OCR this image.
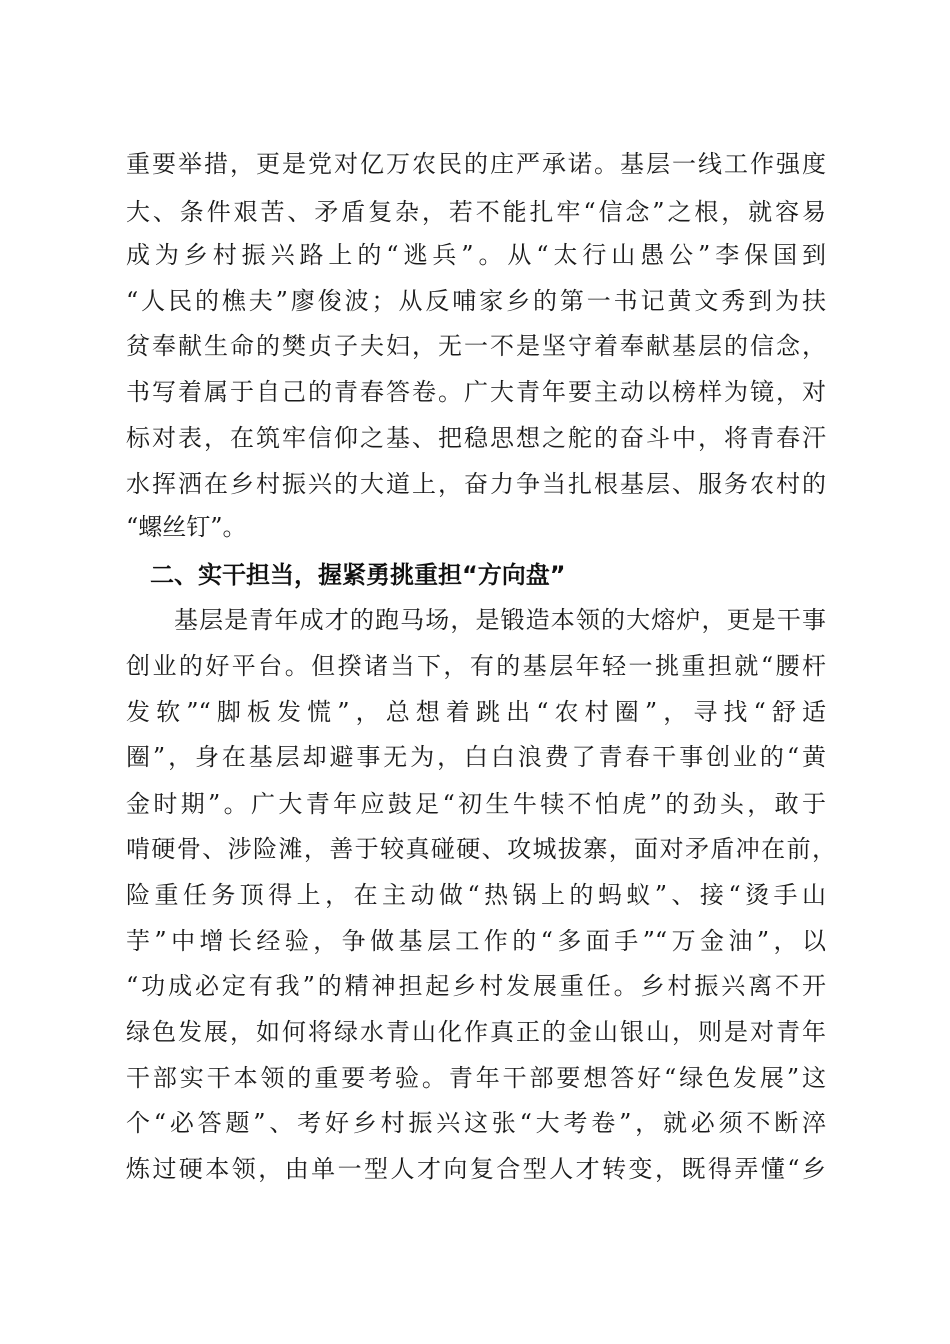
重要举措，更是党对亿万农民的庄严承诺。基层一线工作强度
大、条件艰苦、矛盾复杂，若不能扎牢“信念”之根，就容易
成为乡村振兴路上的“逃兵”。从“太行山愚公”李保国到
“人民的樵夫”廖俊波；从反哺家乡的第一书记黄文秀到为扶
贫奉献生命的樊贞子夫妇，无一不是坚守着奉献基层的信念，
书写着属于自己的青春答卷。广大青年要主动以榜样为镜，对
标对表，在筑牢信仰之基、把稳思想之舵的奋斗中，将青春汗
水挥洒在乡村振兴的大道上，奋力争当扎根基层、服务农村的
“螺丝钉”。
二、实干担当，握紧勇挑重担“方向盘”
基层是青年成才的跑马场，是锻造本领的大熔炉，更是干事
创业的好平台。但揆诸当下，有的基层年轻一挑重担就“腰杆
发软”“脚板发慌”，总想着跳出“农村圈”，寻找“舒适
圈”，身在基层却避事无为，白白浪费了青春干事创业的“黄
金时期”。广大青年应鼓足“初生牛犊不怕虎”的劲头，敢于
啃硬骨、涉险滩，善于较真碰硬、攻城拔寨，面对矛盾冲在前，
险重任务顶得上，在主动做“热锅上的蚂蚁”、接“烫手山
芋”中增长经验，争做基层工作的“多面手”“万金油”，以
“功成必定有我”的精神担起乡村发展重任。乡村振兴离不开
绿色发展，如何将绿水青山化作真正的金山银山，则是对青年
干部实干本领的重要考验。青年干部要想答好“绿色发展”这
个“必答题”、考好乡村振兴这张“大考卷”，就必须不断淬
炼过硬本领，由单一型人才向复合型人才转变，既得弄懂“乡
